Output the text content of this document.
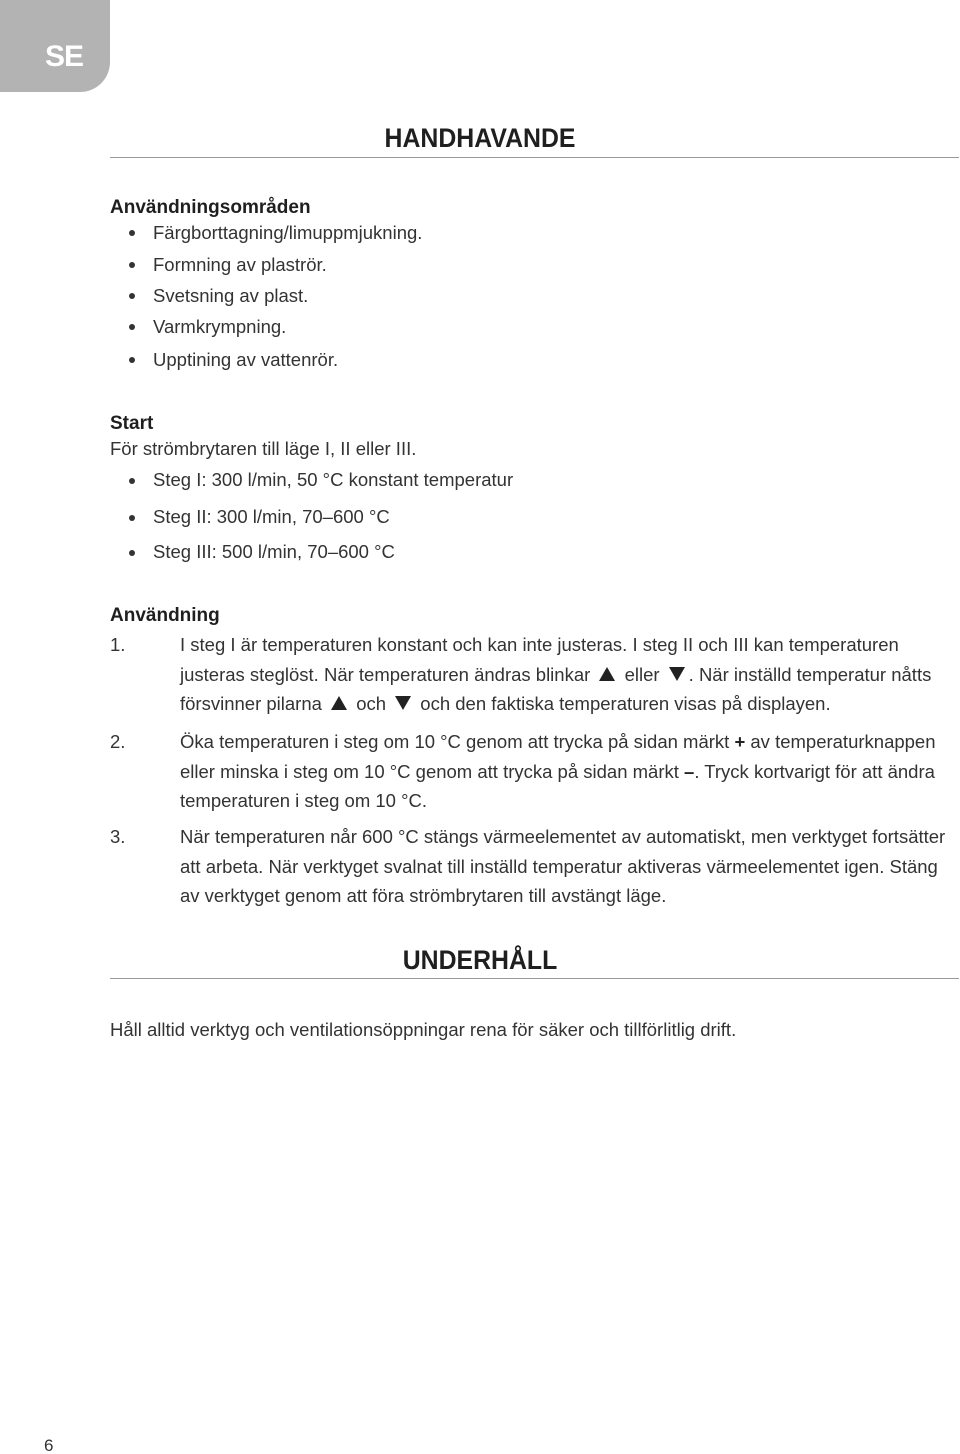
SE
HANDHAVANDE
Användningsområden
Färgborttagning/limuppmjukning.
Formning av plaströr.
Svetsning av plast.
Varmkrympning.
Upptining av vattenrör.
Start
För strömbrytaren till läge I, II eller III.
Steg I: 300 l/min, 50 °C konstant temperatur
Steg II: 300 l/min, 70–600 °C
Steg III: 500 l/min, 70–600 °C
Användning
1.	I steg I är temperaturen konstant och kan inte justeras. I steg II och III kan temperaturen justeras steglöst. När temperaturen ändras blinkar eller . När inställd temperatur nåtts försvinner pilarna och och den faktiska temperaturen visas på displayen.
2.	Öka temperaturen i steg om 10 °C genom att trycka på sidan märkt + av temperaturknappen eller minska i steg om 10 °C genom att trycka på sidan märkt –. Tryck kortvarigt för att ändra temperaturen i steg om 10 °C.
3.	När temperaturen når 600 °C stängs värmeelementet av automatiskt, men verktyget fortsätter att arbeta. När verktyget svalnat till inställd temperatur aktiveras värmeelementet igen. Stäng av verktyget genom att föra strömbrytaren till avstängt läge.
UNDERHÅLL
Håll alltid verktyg och ventilationsöppningar rena för säker och tillförlitlig drift.
6
